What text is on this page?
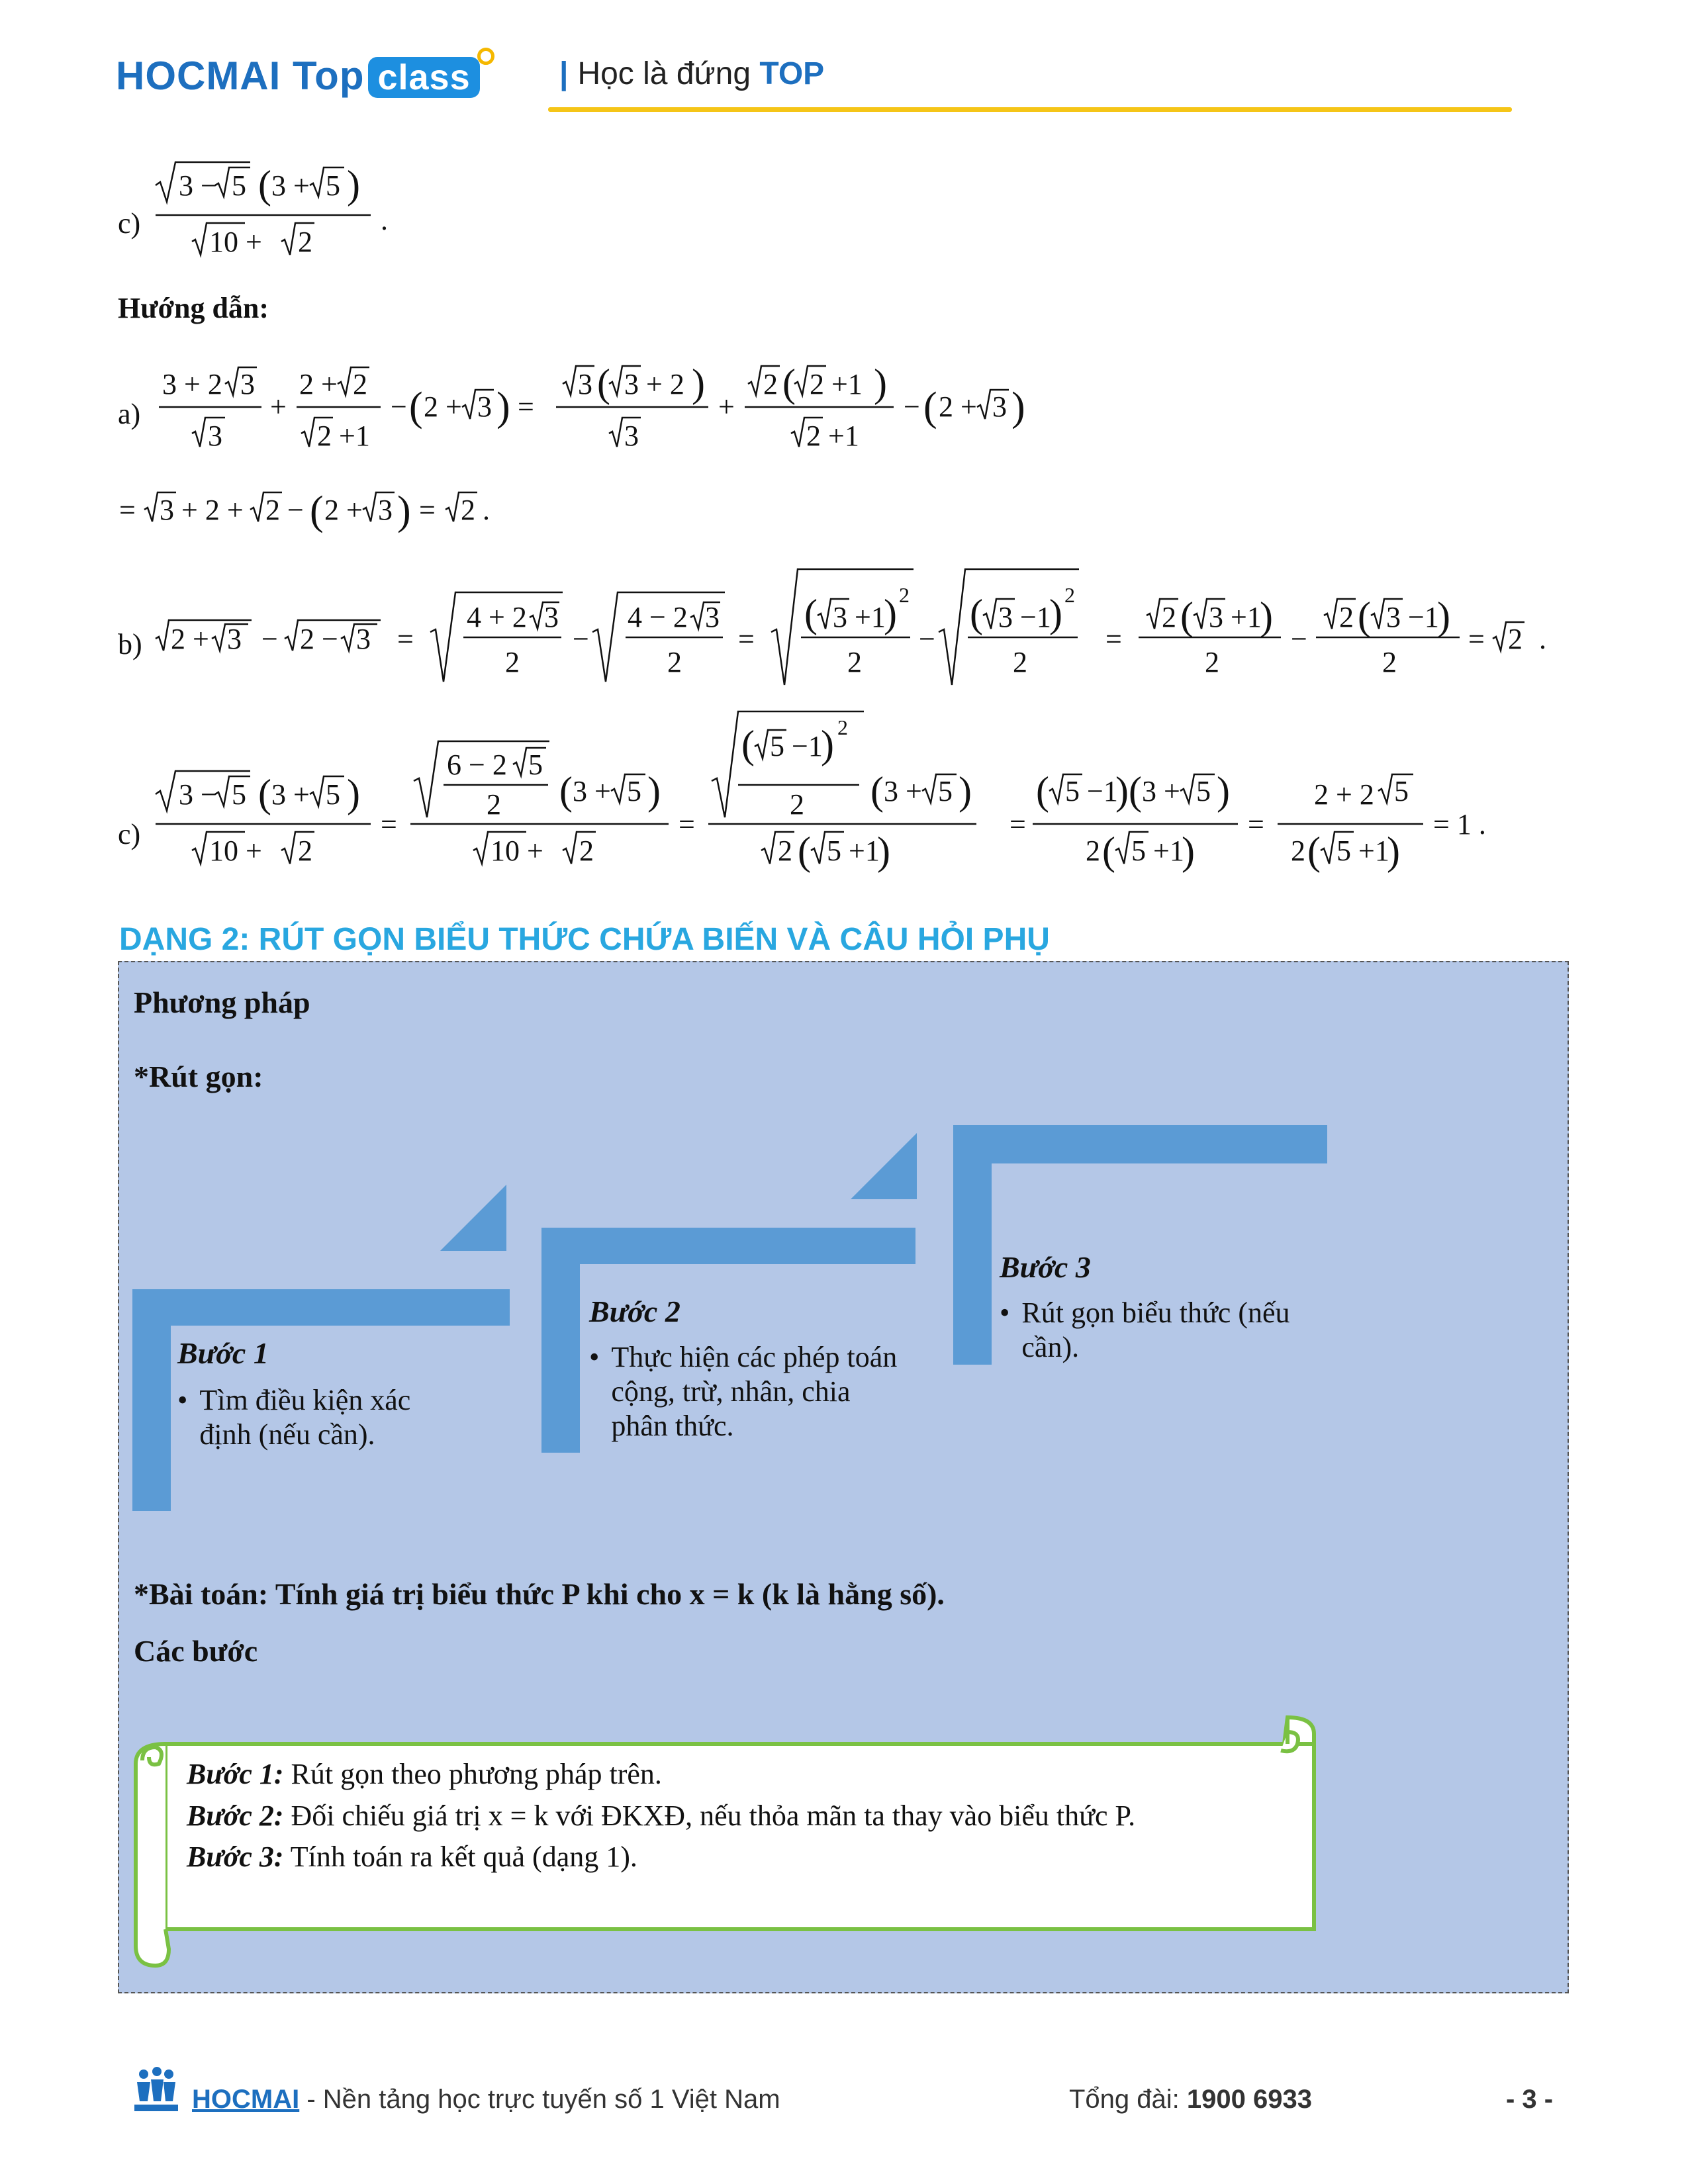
HOCMAI Top class	| Học là đứng TOP
c)
3 − 5 ( 3 + 5 )
10 + 2
.
Hướng dẫn:
a)
3 + 2 3
3
+
2 + 2
2 +1
− ( 2 + 3 ) =
3 ( 3 + 2 )
3
+
2 ( 2 +1 )
2 +1
− ( 2 + 3 )
= 3 + 2 + 2 − ( 2 + 3 ) = 2 .
b) 2 + 3 − 2 − 3 =
4 + 2 3
2
−
4 − 2 3
2
=
( 3 +1
) 2
2
−
( 3 −1
) 2
2
=
2 ( 3 +1
)
2
−
2 ( 3 −1
)
2
= 2 .
c)
3 − 5 ( 3 + 5 )
10 + 2
=
6 − 2 5
2 ( 3 + 5 )
10 + 2
=
( 5 −1
) 2
2 ( 3 + 5 )
2 ( 5 +1
)
=
( 5 −1
) ( 3 + 5 )
2 ( 5 +1
)
=
2 + 2 5
2 ( 5 +1
)
= 1 .
DẠNG 2: RÚT GỌN BIỂU THỨC CHỨA BIẾN VÀ CÂU HỎI PHỤ
Phương pháp
*Rút gọn:
Bước 1
• Tìm điều kiện xác định (nếu cần).
Bước 2
• Thực hiện các phép toán cộng, trừ, nhân, chia phân thức.
Bước 3
• Rút gọn biểu thức (nếu cần).
*Bài toán: Tính giá trị biểu thức P khi cho x = k (k là hằng số).
Các bước
Bước 1: Rút gọn theo phương pháp trên.
Bước 2: Đối chiếu giá trị x = k với ĐKXĐ, nếu thỏa mãn ta thay vào biểu thức P.
Bước 3: Tính toán ra kết quả (dạng 1).
HOCMAI - Nền tảng học trực tuyến số 1 Việt Nam	Tổng đài: 1900 6933	- 3 -
